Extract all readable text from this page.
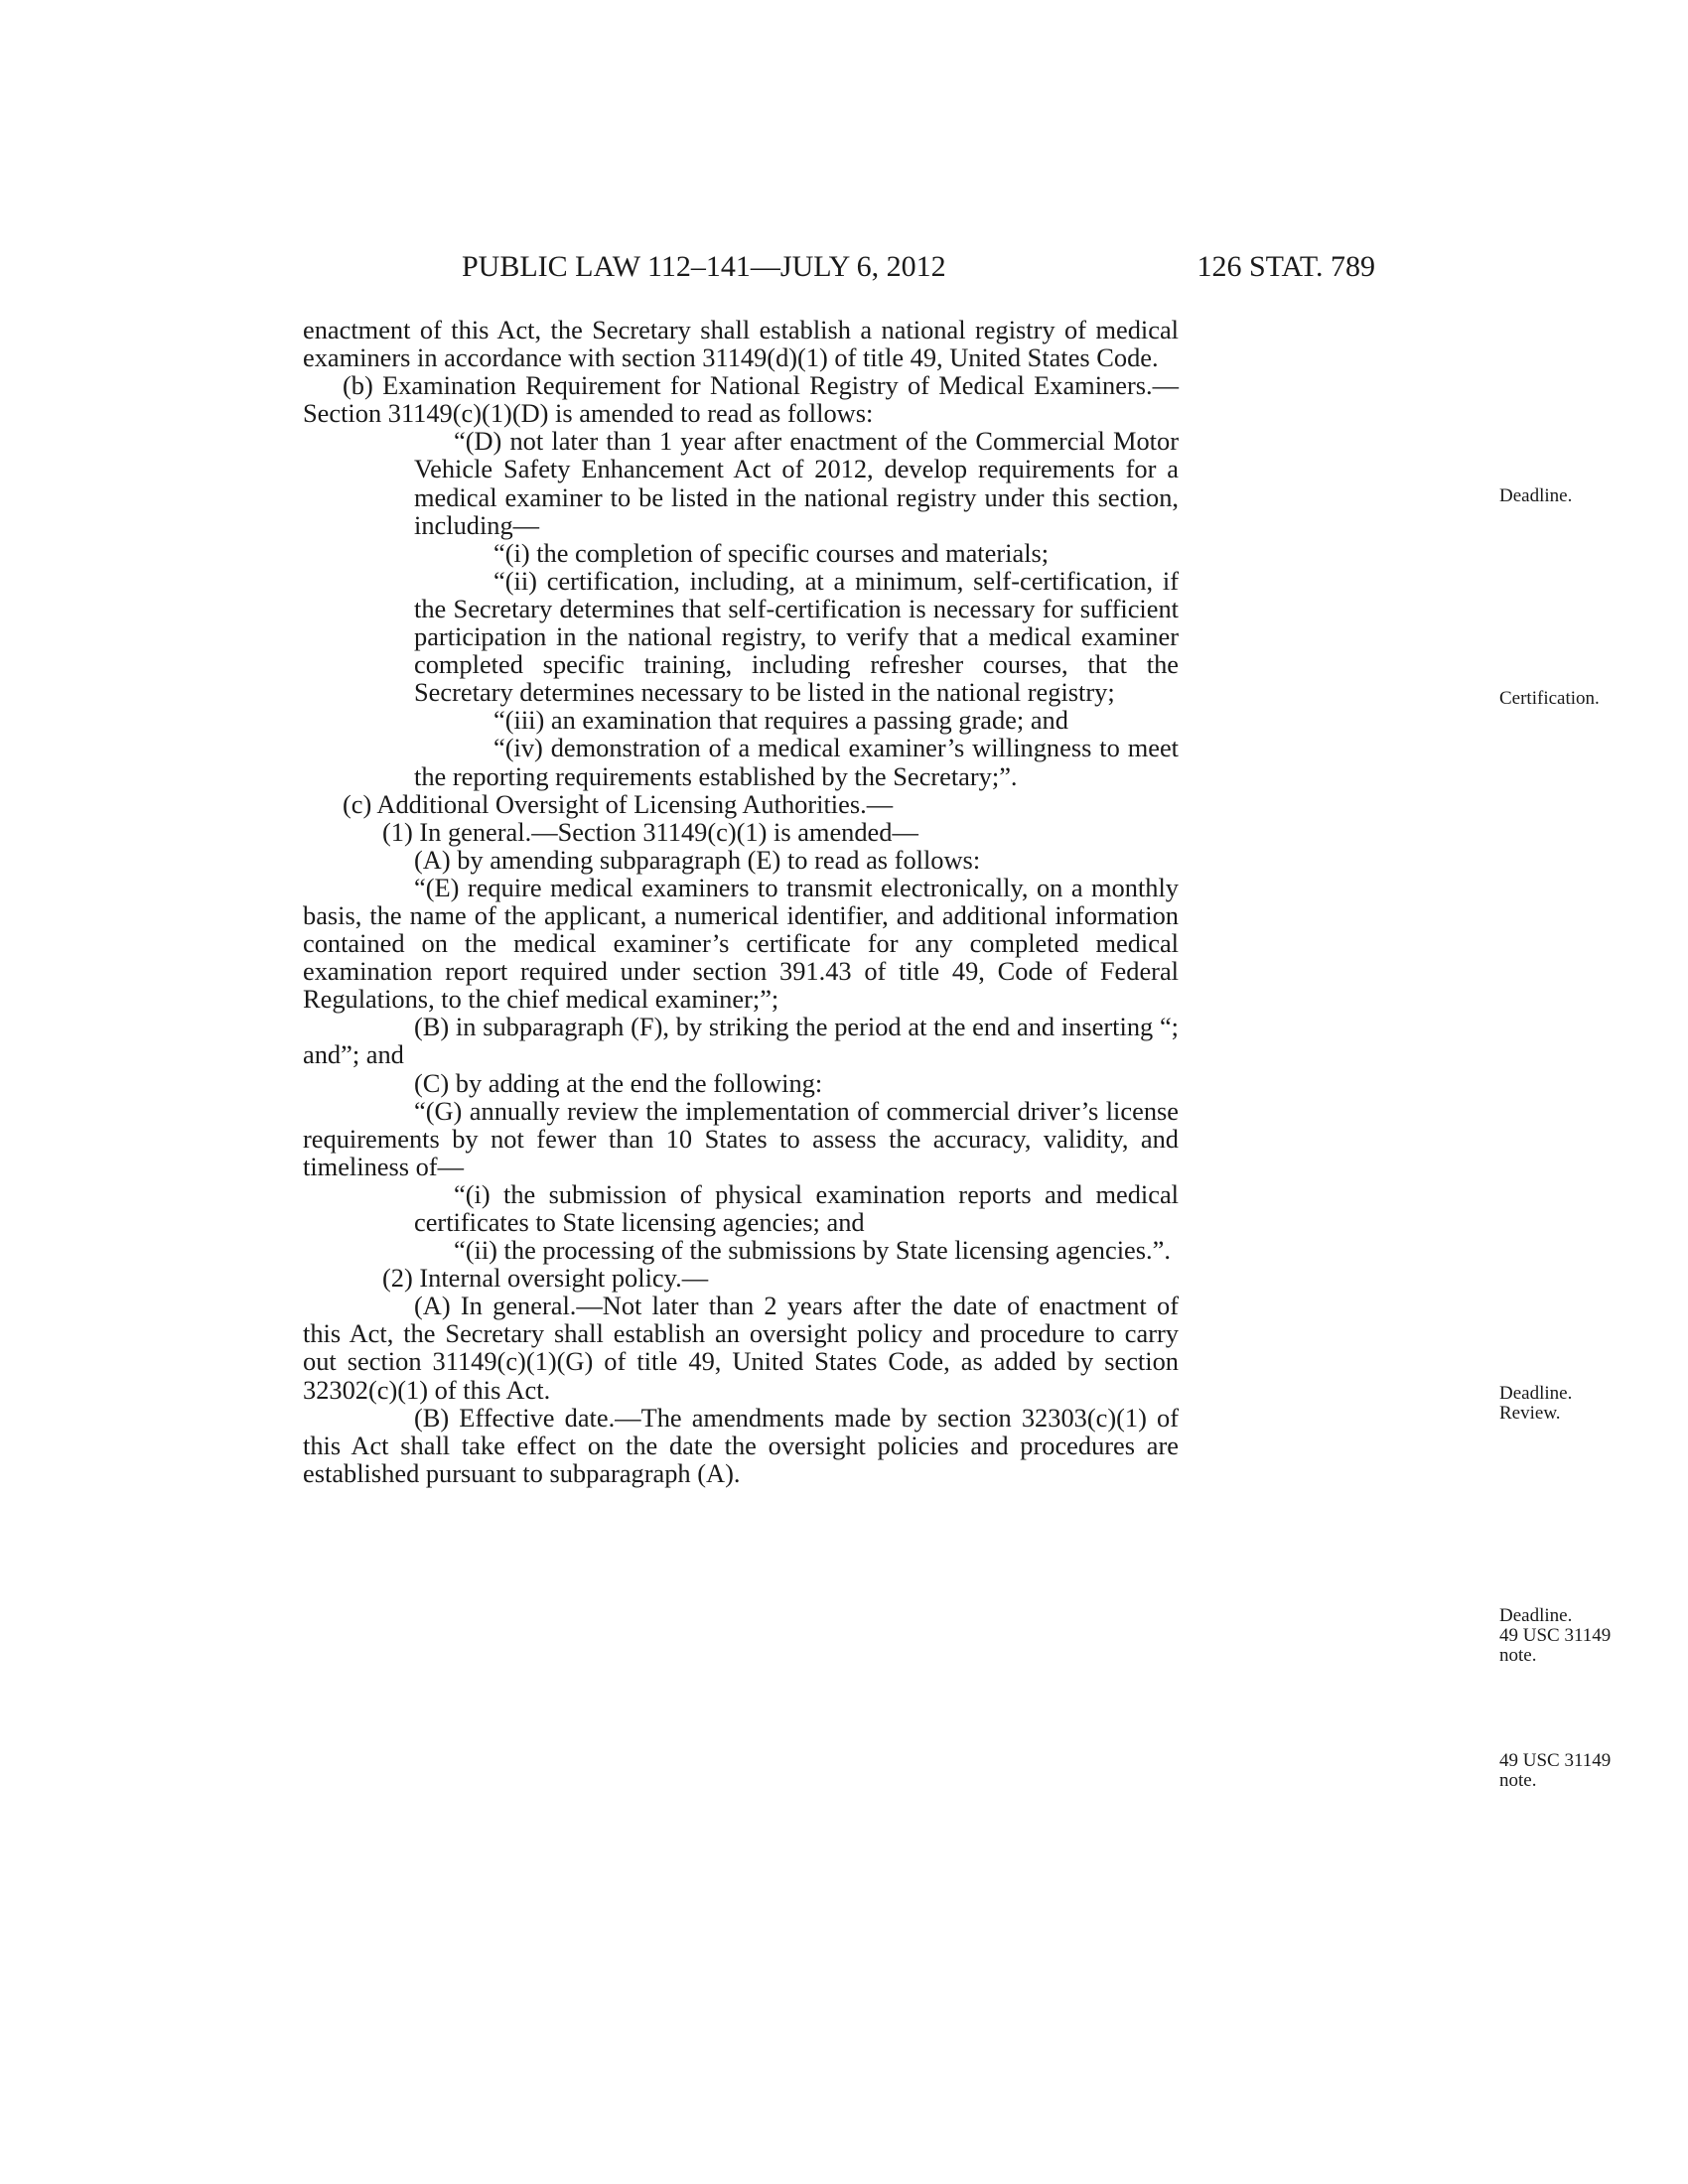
PUBLIC LAW 112–141—JULY 6, 2012	126 STAT. 789

enactment of this Act, the Secretary shall establish a national registry of medical examiners in accordance with section 31149(d)(1) of title 49, United States Code.

(b) Examination Requirement for National Registry of Medical Examiners.—Section 31149(c)(1)(D) is amended to read as follows:

“(D) not later than 1 year after enactment of the Commercial Motor Vehicle Safety Enhancement Act of 2012, develop requirements for a medical examiner to be listed in the national registry under this section, including—

“(i) the completion of specific courses and materials;

“(ii) certification, including, at a minimum, self-certification, if the Secretary determines that self-certification is necessary for sufficient participation in the national registry, to verify that a medical examiner completed specific training, including refresher courses, that the Secretary determines necessary to be listed in the national registry;

“(iii) an examination that requires a passing grade; and

“(iv) demonstration of a medical examiner’s willingness to meet the reporting requirements established by the Secretary;”.

(c) Additional Oversight of Licensing Authorities.—

(1) In general.—Section 31149(c)(1) is amended—

(A) by amending subparagraph (E) to read as follows:

“(E) require medical examiners to transmit electronically, on a monthly basis, the name of the applicant, a numerical identifier, and additional information contained on the medical examiner’s certificate for any completed medical examination report required under section 391.43 of title 49, Code of Federal Regulations, to the chief medical examiner;”;

(B) in subparagraph (F), by striking the period at the end and inserting “; and”; and

(C) by adding at the end the following:

“(G) annually review the implementation of commercial driver’s license requirements by not fewer than 10 States to assess the accuracy, validity, and timeliness of—

“(i) the submission of physical examination reports and medical certificates to State licensing agencies; and

“(ii) the processing of the submissions by State licensing agencies.”.

(2) Internal oversight policy.—

(A) In general.—Not later than 2 years after the date of enactment of this Act, the Secretary shall establish an oversight policy and procedure to carry out section 31149(c)(1)(G) of title 49, United States Code, as added by section 32302(c)(1) of this Act.

(B) Effective date.—The amendments made by section 32303(c)(1) of this Act shall take effect on the date the oversight policies and procedures are established pursuant to subparagraph (A).

Deadline.
Certification.
Deadline.
Review.
Deadline.
49 USC 31149
note.
49 USC 31149
note.
